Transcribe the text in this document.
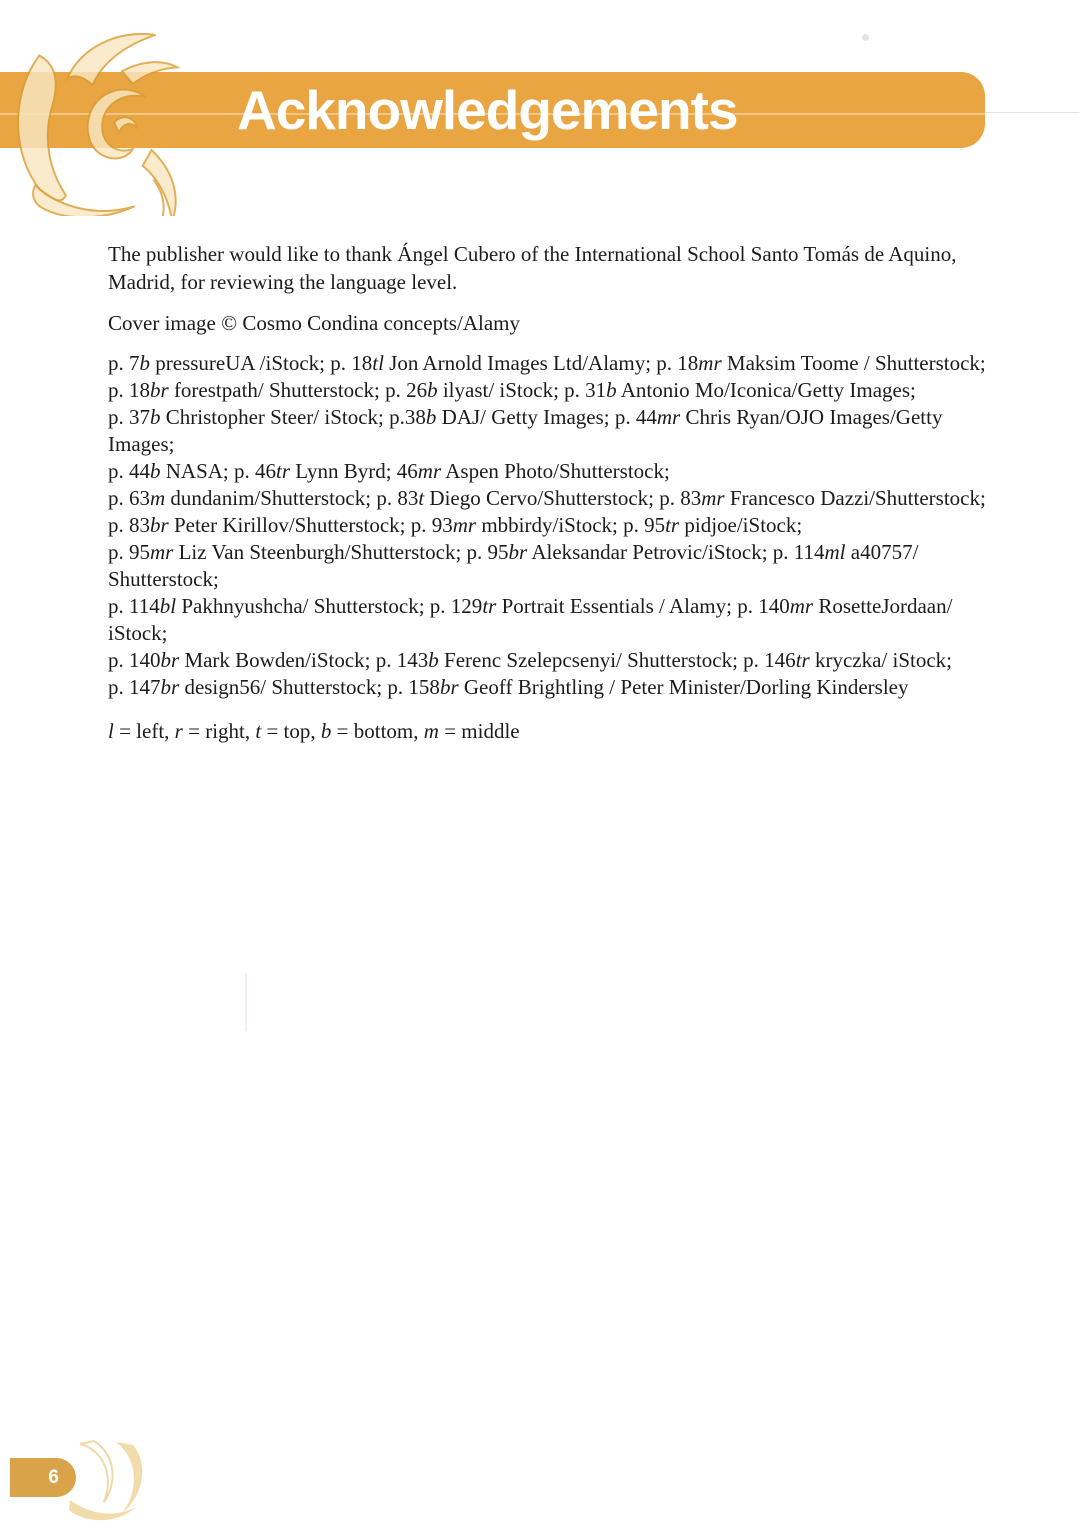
Acknowledgements

The publisher would like to thank Ángel Cubero of the International School Santo Tomás de Aquino, Madrid, for reviewing the language level.

Cover image © Cosmo Condina concepts/Alamy

p. 7b pressureUA /iStock; p. 18tl Jon Arnold Images Ltd/Alamy; p. 18mr Maksim Toome / Shutterstock;
p. 18br forestpath/ Shutterstock; p. 26b ilyast/ iStock; p. 31b Antonio Mo/Iconica/Getty Images;
p. 37b Christopher Steer/ iStock; p.38b DAJ/ Getty Images; p. 44mr Chris Ryan/OJO Images/Getty Images;
p. 44b NASA; p. 46tr Lynn Byrd; 46mr Aspen Photo/Shutterstock;
p. 63m dundanim/Shutterstock; p. 83t Diego Cervo/Shutterstock; p. 83mr Francesco Dazzi/Shutterstock;
p. 83br Peter Kirillov/Shutterstock; p. 93mr mbbirdy/iStock; p. 95tr pidjoe/iStock;
p. 95mr Liz Van Steenburgh/Shutterstock; p. 95br Aleksandar Petrovic/iStock; p. 114ml a40757/ Shutterstock;
p. 114bl Pakhnyushcha/ Shutterstock; p. 129tr Portrait Essentials / Alamy; p. 140mr RosetteJordaan/ iStock;
p. 140br Mark Bowden/iStock; p. 143b Ferenc Szelepcsenyi/ Shutterstock; p. 146tr kryczka/ iStock;
p. 147br design56/ Shutterstock; p. 158br Geoff Brightling / Peter Minister/Dorling Kindersley

l = left, r = right, t = top, b = bottom, m = middle

6
